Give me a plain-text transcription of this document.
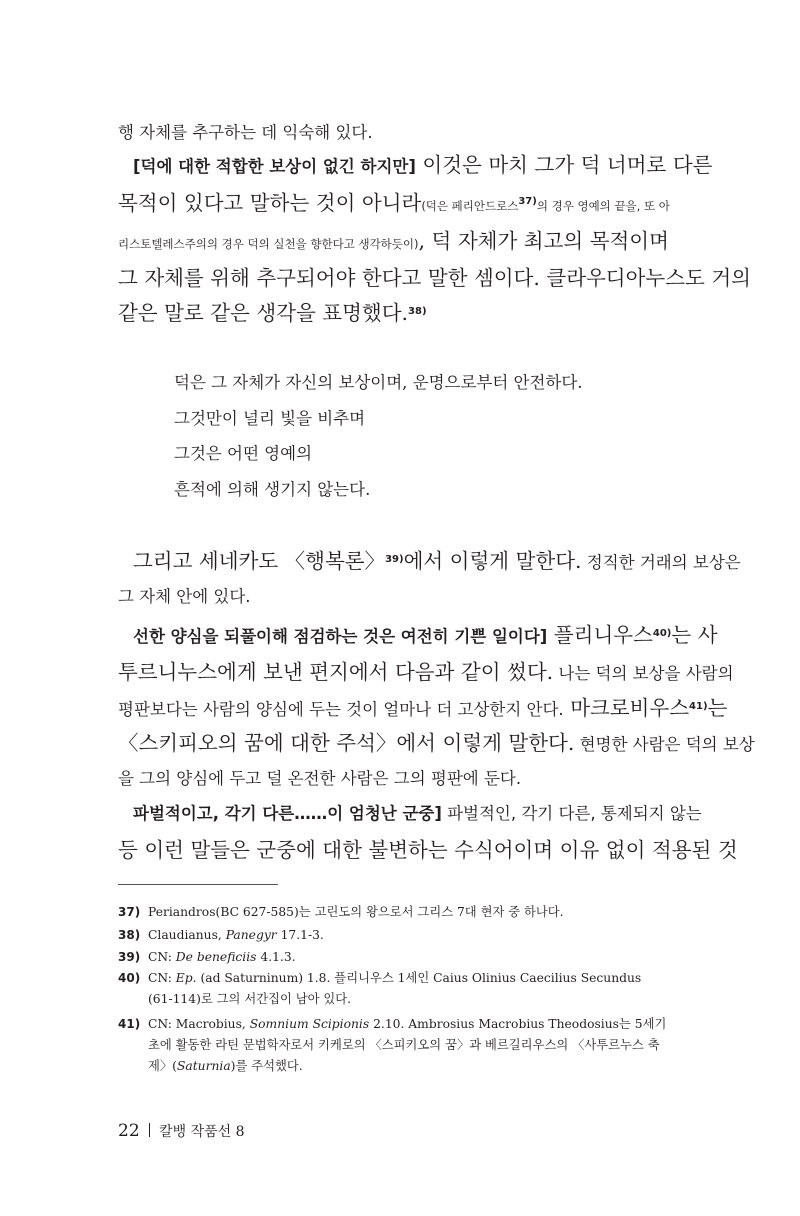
행 자체를 추구하는 데 익숙해 있다.
[덕에 대한 적합한 보상이 없긴 하지만] 이것은 마치 그가 덕 너머로 다른
목적이 있다고 말하는 것이 아니라(덕은 페리안드로스$^{37)}$의 경우 영예의 끝을, 또 아
리스토텔레스주의의 경우 덕의 실천을 향한다고 생각하듯이), 덕 자체가 최고의 목적이며
그 자체를 위해 추구되어야 한다고 말한 셈이다. 클라우디아누스도 거의
같은 말로 같은 생각을 표명했다.$^{38)}$
덕은 그 자체가 자신의 보상이며, 운명으로부터 안전하다.
그것만이 널리 빛을 비추며
그것은 어떤 영예의
흔적에 의해 생기지 않는다.
그리고 세네카도 〈행복론〉$^{39)}$에서 이렇게 말한다. 정직한 거래의 보상은
그 자체 안에 있다.
선한 양심을 되풀이해 점검하는 것은 여전히 기쁜 일이다] 플리니우스$^{40)}$는 사
투르니누스에게 보낸 편지에서 다음과 같이 썼다. 나는 덕의 보상을 사람의
평판보다는 사람의 양심에 두는 것이 얼마나 더 고상한지 안다. 마크로비우스$^{41)}$는
〈스키피오의 꿈에 대한 주석〉에서 이렇게 말한다. 현명한 사람은 덕의 보상
을 그의 양심에 두고 덜 온전한 사람은 그의 평판에 둔다.
파벌적이고, 각기 다른……이 엄청난 군중] 파벌적인, 각기 다른, 통제되지 않는
등 이런 말들은 군중에 대한 불변하는 수식어이며 이유 없이 적용된 것
37) Periandros(BC 627-585)는 고린도의 왕으로서 그리스 7대 현자 중 하나다.
38) Claudianus, Panegyr 17.1-3.
39) CN: De beneficiis 4.1.3.
40) CN: Ep. (ad Saturninum) 1.8. 플리니우스 1세인 Caius Olinius Caecilius Secundus
(61-114)로 그의 서간집이 남아 있다.
41) CN: Macrobius, Somnium Scipionis 2.10. Ambrosius Macrobius Theodosius는 5세기
초에 활동한 라틴 문법학자로서 키케로의 〈스피키오의 꿈〉과 베르길리우스의 〈사투르누스 축
제〉(Saturnia)를 주석했다.
22 칼뱅 작품선 8
